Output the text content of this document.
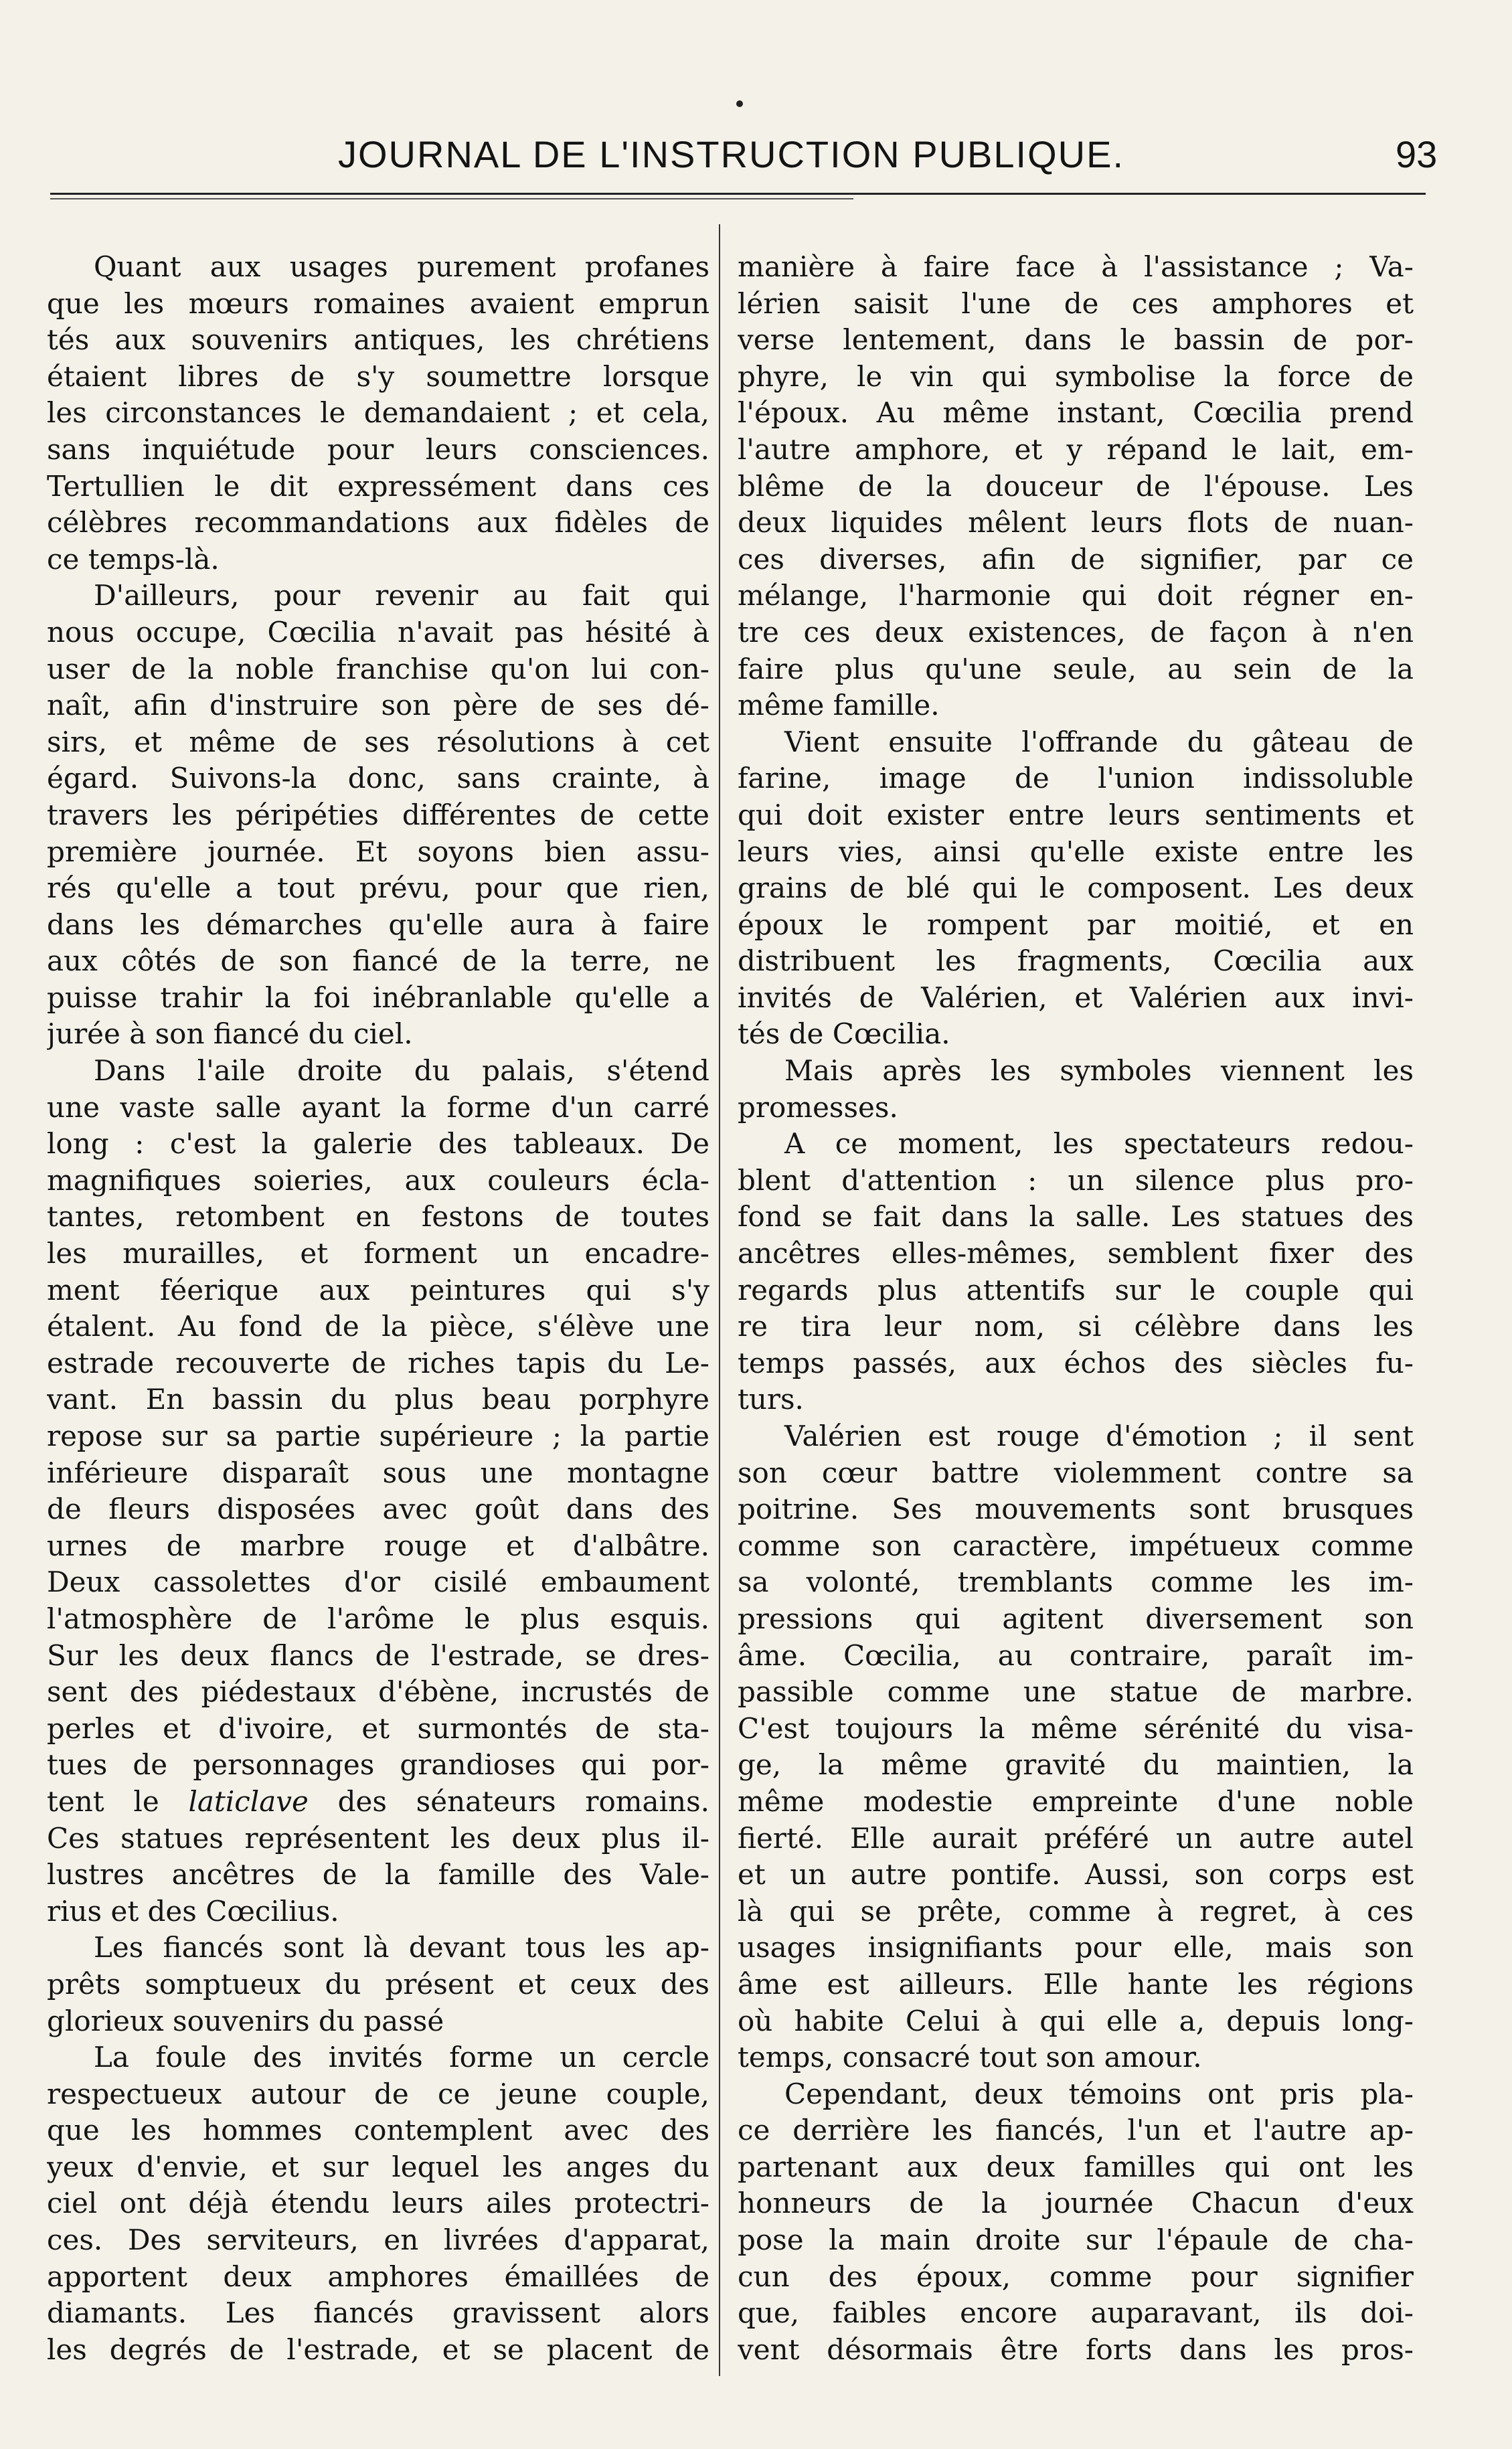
JOURNAL DE L'INSTRUCTION PUBLIQUE.	93
Quant aux usages purement profanes
que les mœurs romaines avaient emprun
tés aux souvenirs antiques, les chrétiens
étaient libres de s'y soumettre lorsque
les circonstances le demandaient ; et cela,
sans inquiétude pour leurs consciences.
Tertullien le dit expressément dans ces
célèbres recommandations aux fidèles de
ce temps-là.
D'ailleurs, pour revenir au fait qui
nous occupe, Cœcilia n'avait pas hésité à
user de la noble franchise qu'on lui con-
naît, afin d'instruire son père de ses dé-
sirs, et même de ses résolutions à cet
égard. Suivons-la donc, sans crainte, à
travers les péripéties différentes de cette
première journée. Et soyons bien assu-
rés qu'elle a tout prévu, pour que rien,
dans les démarches qu'elle aura à faire
aux côtés de son fiancé de la terre, ne
puisse trahir la foi inébranlable qu'elle a
jurée à son fiancé du ciel.
Dans l'aile droite du palais, s'étend
une vaste salle ayant la forme d'un carré
long : c'est la galerie des tableaux. De
magnifiques soieries, aux couleurs écla-
tantes, retombent en festons de toutes
les murailles, et forment un encadre-
ment féerique aux peintures qui s'y
étalent. Au fond de la pièce, s'élève une
estrade recouverte de riches tapis du Le-
vant. En bassin du plus beau porphyre
repose sur sa partie supérieure ; la partie
inférieure disparaît sous une montagne
de fleurs disposées avec goût dans des
urnes de marbre rouge et d'albâtre.
Deux cassolettes d'or cisilé embaument
l'atmosphère de l'arôme le plus esquis.
Sur les deux flancs de l'estrade, se dres-
sent des piédestaux d'ébène, incrustés de
perles et d'ivoire, et surmontés de sta-
tues de personnages grandioses qui por-
tent le laticlave des sénateurs romains.
Ces statues représentent les deux plus il-
lustres ancêtres de la famille des Vale-
rius et des Cœcilius.
Les fiancés sont là devant tous les ap-
prêts somptueux du présent et ceux des
glorieux souvenirs du passé
La foule des invités forme un cercle
respectueux autour de ce jeune couple,
que les hommes contemplent avec des
yeux d'envie, et sur lequel les anges du
ciel ont déjà étendu leurs ailes protectri-
ces. Des serviteurs, en livrées d'apparat,
apportent deux amphores émaillées de
diamants. Les fiancés gravissent alors
les degrés de l'estrade, et se placent de
manière à faire face à l'assistance ; Va-
lérien saisit l'une de ces amphores et
verse lentement, dans le bassin de por-
phyre, le vin qui symbolise la force de
l'époux. Au même instant, Cœcilia prend
l'autre amphore, et y répand le lait, em-
blême de la douceur de l'épouse. Les
deux liquides mêlent leurs flots de nuan-
ces diverses, afin de signifier, par ce
mélange, l'harmonie qui doit régner en-
tre ces deux existences, de façon à n'en
faire plus qu'une seule, au sein de la
même famille.
Vient ensuite l'offrande du gâteau de
farine, image de l'union indissoluble
qui doit exister entre leurs sentiments et
leurs vies, ainsi qu'elle existe entre les
grains de blé qui le composent. Les deux
époux le rompent par moitié, et en
distribuent les fragments, Cœcilia aux
invités de Valérien, et Valérien aux invi-
tés de Cœcilia.
Mais après les symboles viennent les
promesses.
A ce moment, les spectateurs redou-
blent d'attention : un silence plus pro-
fond se fait dans la salle. Les statues des
ancêtres elles-mêmes, semblent fixer des
regards plus attentifs sur le couple qui
re tira leur nom, si célèbre dans les
temps passés, aux échos des siècles fu-
turs.
Valérien est rouge d'émotion ; il sent
son cœur battre violemment contre sa
poitrine. Ses mouvements sont brusques
comme son caractère, impétueux comme
sa volonté, tremblants comme les im-
pressions qui agitent diversement son
âme. Cœcilia, au contraire, paraît im-
passible comme une statue de marbre.
C'est toujours la même sérénité du visa-
ge, la même gravité du maintien, la
même modestie empreinte d'une noble
fierté. Elle aurait préféré un autre autel
et un autre pontife. Aussi, son corps est
là qui se prête, comme à regret, à ces
usages insignifiants pour elle, mais son
âme est ailleurs. Elle hante les régions
où habite Celui à qui elle a, depuis long-
temps, consacré tout son amour.
Cependant, deux témoins ont pris pla-
ce derrière les fiancés, l'un et l'autre ap-
partenant aux deux familles qui ont les
honneurs de la journée Chacun d'eux
pose la main droite sur l'épaule de cha-
cun des époux, comme pour signifier
que, faibles encore auparavant, ils doi-
vent désormais être forts dans les pros-
